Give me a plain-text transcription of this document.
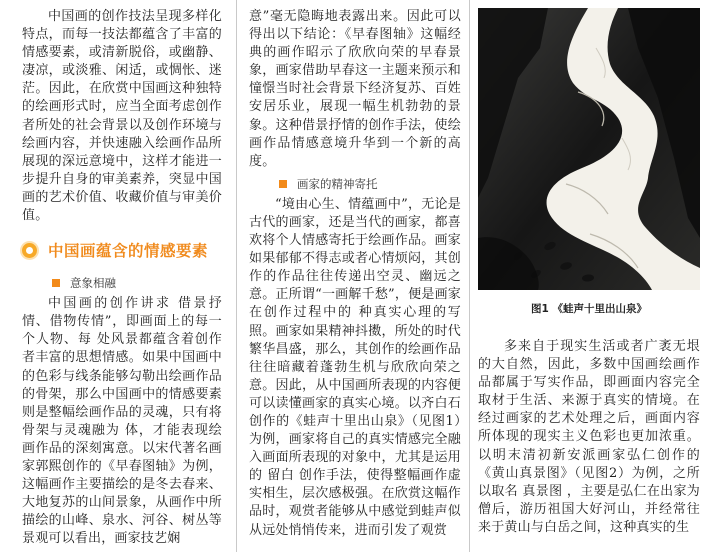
中国画的创作技法呈现多样化特点，而每一技法都蕴含了丰富的情感要素，或清新脱俗，或幽静、凄凉，或淡雅、闲适，或惆怅、迷茫。因此，在欣赏中国画这种独特的绘画形式时，应当全面考虑创作者所处的社会背景以及创作环境与绘画内容，并快速融入绘画作品所展现的深远意境中，这样才能进一步提升自身的审美素养，突显中国画的艺术价值、收藏价值与审美价值。

中国画蕴含的情感要素
意象相融

中国画的创作讲求 借景抒情、借物传情”，即画面上的每一个人物、每 处风景都蕴含着创作者丰富的思想情感。如果中国画中的色彩与线条能够勾勒出绘画作品的骨架，那么中国画中的情感要素则是整幅绘画作品的灵魂，只有将骨架与灵魂融为 体，才能表现绘画作品的深刻寓意。以宋代著名画家郭熙创作的《早春图轴》为例，这幅画作主要描绘的是冬去春来、大地复苏的山间景象，从画作中所描绘的山峰、泉水、河谷、树丛等景观可以看出，画家技艺娴

意”毫无隐晦地表露出来。因此可以得出以下结论：《早春图轴》这幅经典的画作昭示了欣欣向荣的早春景象，画家借助早春这一主题来预示和憧憬当时社会背景下经济复苏、百姓安居乐业，展现一幅生机勃勃的景象。这种借景抒情的创作手法，使绘画作品情感意境升华到一个新的高度。

画家的精神寄托

“境由心生、情蕴画中”，无论是古代的画家，还是当代的画家，都喜欢将个人情感寄托于绘画作品。画家如果郁郁不得志或者心情烦闷，其创作的作品往往传递出空灵、幽远之意。正所谓“一画解千愁”，便是画家在创作过程中的 种真实心理的写照。画家如果精神抖擞，所处的时代繁华昌盛，那么，其创作的绘画作品往往暗藏着蓬勃生机与欣欣向荣之意。因此，从中国画所表现的内容便可以读懂画家的真实心境。以齐白石创作的《蛙声十里出山泉》（见图1）为例，画家将自己的真实情感完全融入画面所表现的对象中，尤其是运用的 留白 创作手法，使得整幅画作虚实相生，层次感极强。在欣赏这幅作品时，观赏者能够从中感觉到蛙声似从远处悄悄传来，进而引发了观赏

图1 《蛙声十里出山泉》

多来自于现实生活或者广袤无垠的大自然，因此，多数中国画绘画作品都属于写实作品，即画面内容完全取材于生活、来源于真实的情境。在经过画家的艺术处理之后，画面内容所体现的现实主义色彩也更加浓重。以明末清初新安派画家弘仁创作的《黄山真景图》（见图2）为例，之所以取名 真景图 ，主要是弘仁在出家为僧后，游历祖国大好河山，并经常往来于黄山与白岳之间，这种真实的生
